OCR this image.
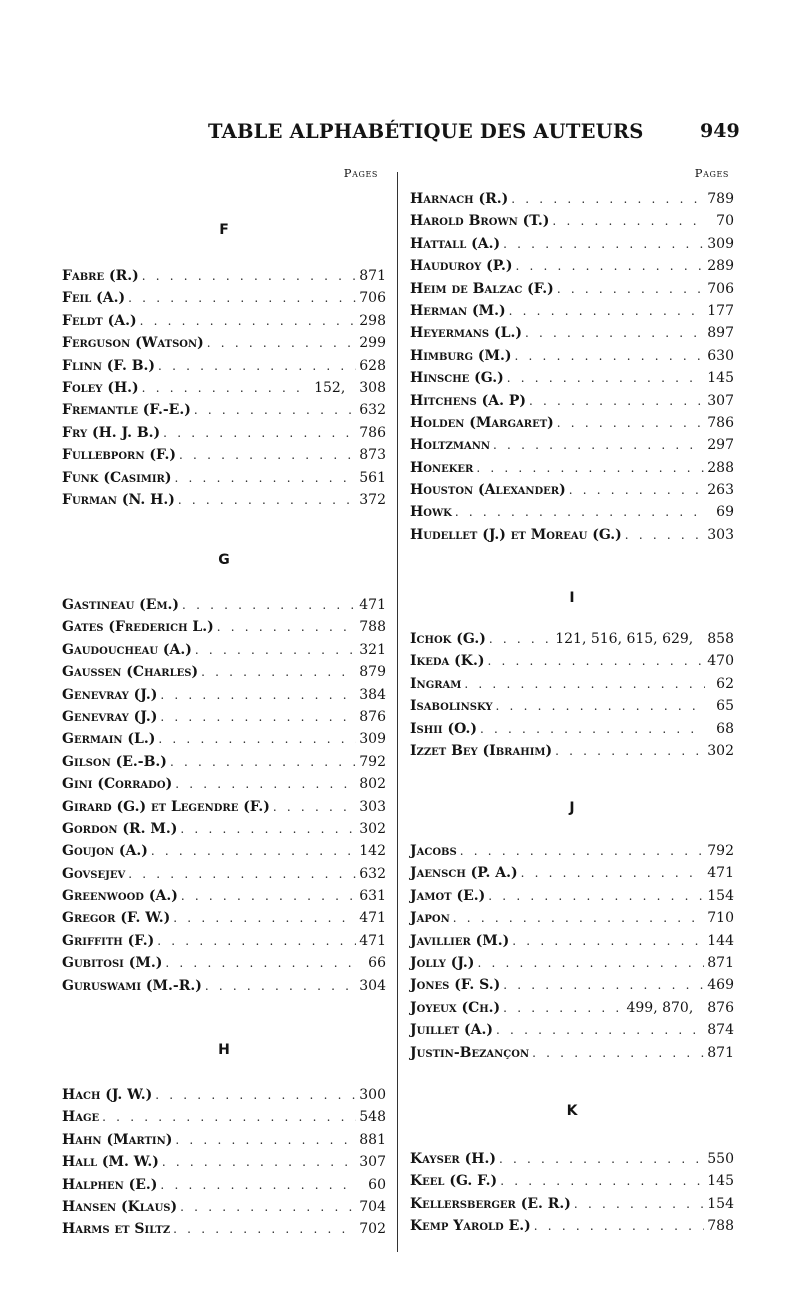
TABLE ALPHABÉTIQUE DES AUTEURS	949
Pages
F
Fabre (R.) . . .	871
Feil (A.) . . .	706
Feldt (A.) . . .	298
Ferguson (Watson) . . .	299
Flinn (F. B.) . . .	628
Foley (H.) . . .	152, 308
Fremantle (F.-E.) . . .	632
Fry (H. J. B.) . . .	786
Fullebporn (F.) . . .	873
Funk (Casimir) . . .	561
Furman (N. H.) . . .	372
G
Gastineau (Em.) . . .	471
Gates (Frederich L.) . . .	788
Gaudoucheau (A.) . . .	321
Gaussen (Charles) . . .	879
Genevray (J.) . . .	384
Genevray (J.) . . .	876
Germain (L.) . . .	309
Gilson (E.-B.) . . .	792
Gini (Corrado) . . .	802
Girard (G.) et Legendre (F.) . . .	303
Gordon (R. M.) . . .	302
Goujon (A.) . . .	142
Govsejev . . .	632
Greenwood (A.) . . .	631
Gregor (F. W.) . . .	471
Griffith (F.) . . .	471
Gubitosi (M.) . . .	66
Guruswami (M.-R.) . . .	304
H
Hach (J. W.) . . .	300
Hage . . .	548
Hahn (Martin) . . .	881
Hall (M. W.) . . .	307
Halphen (E.) . . .	60
Hansen (Klaus) . . .	704
Harms et Siltz . . .	702
Pages
Harnach (R.) . . .	789
Harold Brown (T.) . . .	70
Hattall (A.) . . .	309
Hauduroy (P.) . . .	289
Heim de Balzac (F.) . . .	706
Herman (M.) . . .	177
Heyermans (L.) . . .	897
Himburg (M.) . . .	630
Hinsche (G.) . . .	145
Hitchens (A. P) . . .	307
Holden (Margaret) . . .	786
Holtzmann . . .	297
Honeker . . .	288
Houston (Alexander) . . .	263
Howk . . .	69
Hudellet (J.) et Moreau (G.) . . .	303
I
Ichok (G.) . . .	121, 516, 615, 629, 858
Ikeda (K.) . . .	470
Ingram . . .	62
Isabolinsky . . .	65
Ishii (O.) . . .	68
Izzet Bey (Ibrahim) . . .	302
J
Jacobs . . .	792
Jaensch (P. A.) . . .	471
Jamot (E.) . . .	154
Japon . . .	710
Javillier (M.) . . .	144
Jolly (J.) . . .	871
Jones (F. S.) . . .	469
Joyeux (Ch.) . . .	499, 870, 876
Juillet (A.) . . .	874
Justin-Bezançon . . .	871
K
Kayser (H.) . . .	550
Keel (G. F.) . . .	145
Kellersberger (E. R.) . . .	154
Kemp Yarold E.) . . .	788
